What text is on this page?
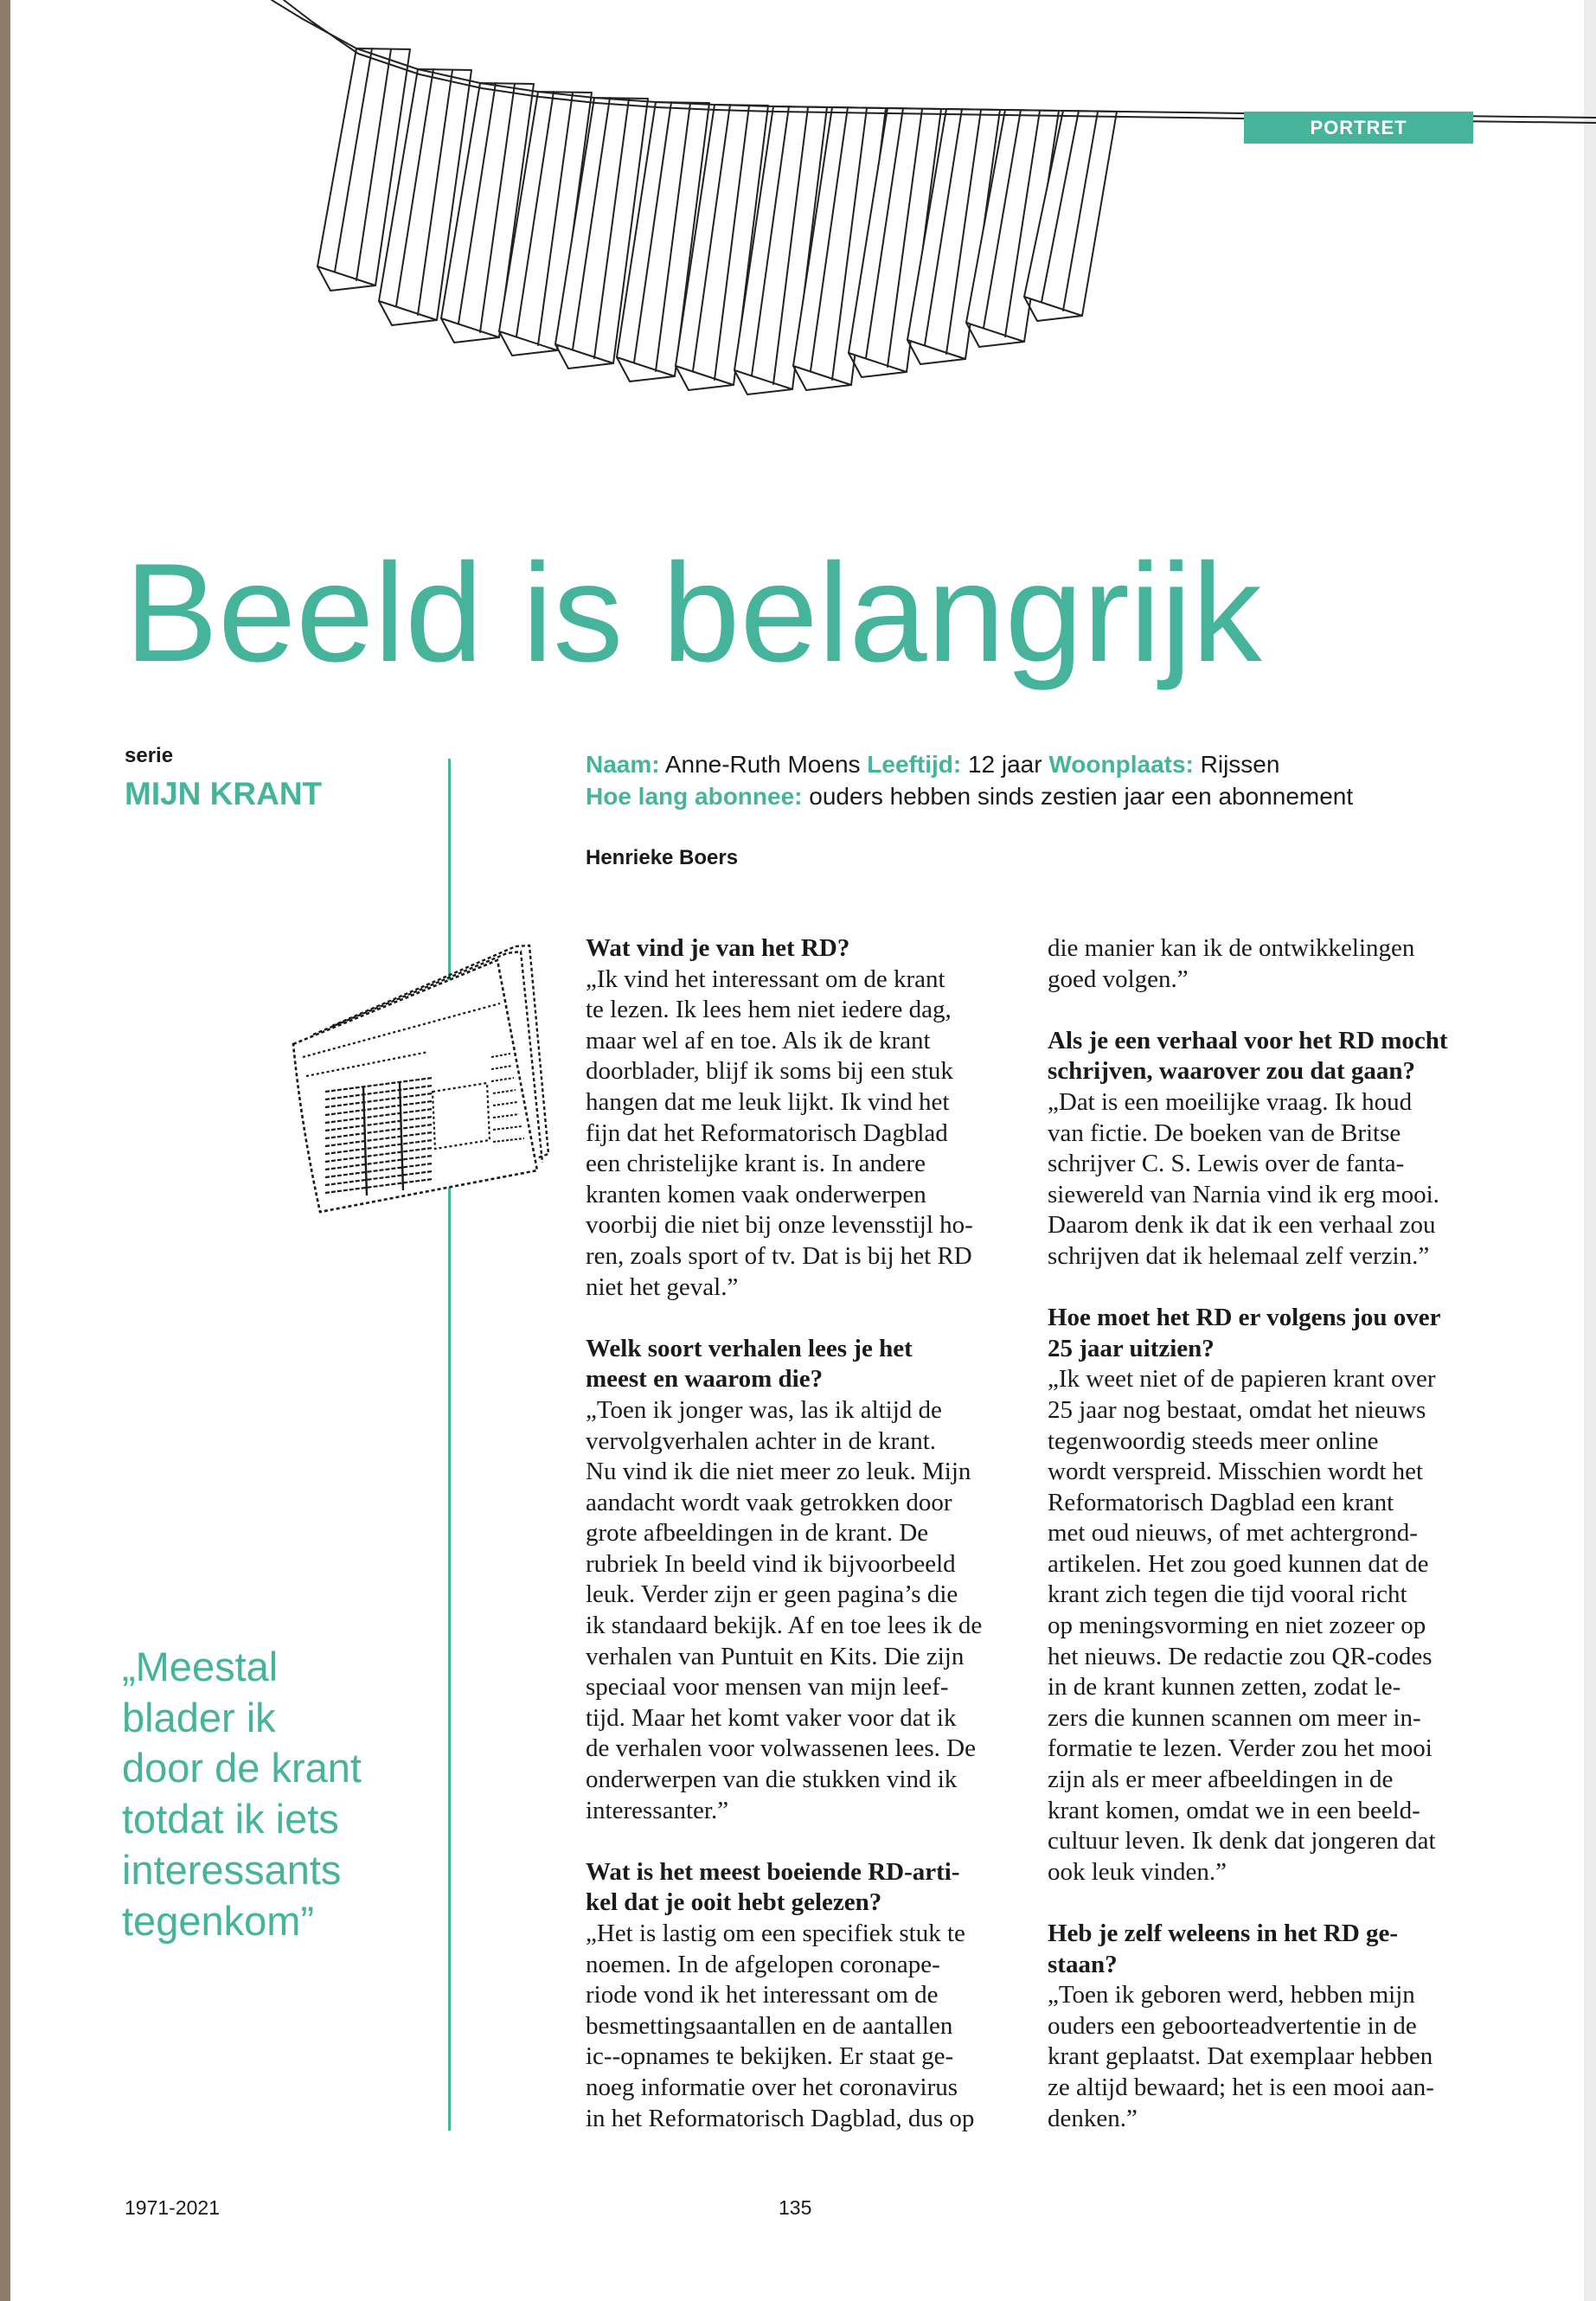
PORTRET
Beeld is belangrijk
serie
MIJN KRANT
Naam: Anne-Ruth Moens Leeftijd: 12 jaar Woonplaats: Rijssen
Hoe lang abonnee: ouders hebben sinds zestien jaar een abonnement
Henrieke Boers
Wat vind je van het RD?
„Ik vind het interessant om de krant
te lezen. Ik lees hem niet iedere dag,
maar wel af en toe. Als ik de krant
doorblader, blijf ik soms bij een stuk
hangen dat me leuk lijkt. Ik vind het
fijn dat het Reformatorisch Dagblad
een christelijke krant is. In andere
kranten komen vaak onderwerpen
voorbij die niet bij onze levensstijl ho-
ren, zoals sport of tv. Dat is bij het RD
niet het geval.”
Welk soort verhalen lees je het
meest en waarom die?
„Toen ik jonger was, las ik altijd de
vervolgverhalen achter in de krant.
Nu vind ik die niet meer zo leuk. Mijn
aandacht wordt vaak getrokken door
grote afbeeldingen in de krant. De
rubriek In beeld vind ik bijvoorbeeld
leuk. Verder zijn er geen pagina’s die
ik standaard bekijk. Af en toe lees ik de
verhalen van Puntuit en Kits. Die zijn
speciaal voor mensen van mijn leef-
tijd. Maar het komt vaker voor dat ik
de verhalen voor volwassenen lees. De
onderwerpen van die stukken vind ik
interessanter.”
Wat is het meest boeiende RD-arti-
kel dat je ooit hebt gelezen?
„Het is lastig om een specifiek stuk te
noemen. In de afgelopen coronape-
riode vond ik het interessant om de
besmettingsaantallen en de aantallen
ic--opnames te bekijken. Er staat ge-
noeg informatie over het coronavirus
in het Reformatorisch Dagblad, dus op
die manier kan ik de ontwikkelingen
goed volgen.”
Als je een verhaal voor het RD mocht
schrijven, waarover zou dat gaan?
„Dat is een moeilijke vraag. Ik houd
van fictie. De boeken van de Britse
schrijver C. S. Lewis over de fanta-
siewereld van Narnia vind ik erg mooi.
Daarom denk ik dat ik een verhaal zou
schrijven dat ik helemaal zelf verzin.”
Hoe moet het RD er volgens jou over
25 jaar uitzien?
„Ik weet niet of de papieren krant over
25 jaar nog bestaat, omdat het nieuws
tegenwoordig steeds meer online
wordt verspreid. Misschien wordt het
Reformatorisch Dagblad een krant
met oud nieuws, of met achtergrond-
artikelen. Het zou goed kunnen dat de
krant zich tegen die tijd vooral richt
op meningsvorming en niet zozeer op
het nieuws. De redactie zou QR-codes
in de krant kunnen zetten, zodat le-
zers die kunnen scannen om meer in-
formatie te lezen. Verder zou het mooi
zijn als er meer afbeeldingen in de
krant komen, omdat we in een beeld-
cultuur leven. Ik denk dat jongeren dat
ook leuk vinden.”
Heb je zelf weleens in het RD ge-
staan?
„Toen ik geboren werd, hebben mijn
ouders een geboorteadvertentie in de
krant geplaatst. Dat exemplaar hebben
ze altijd bewaard; het is een mooi aan-
denken.”
„Meestal
blader ik
door de krant
totdat ik iets
interessants
tegenkom”
1971-2021	135
